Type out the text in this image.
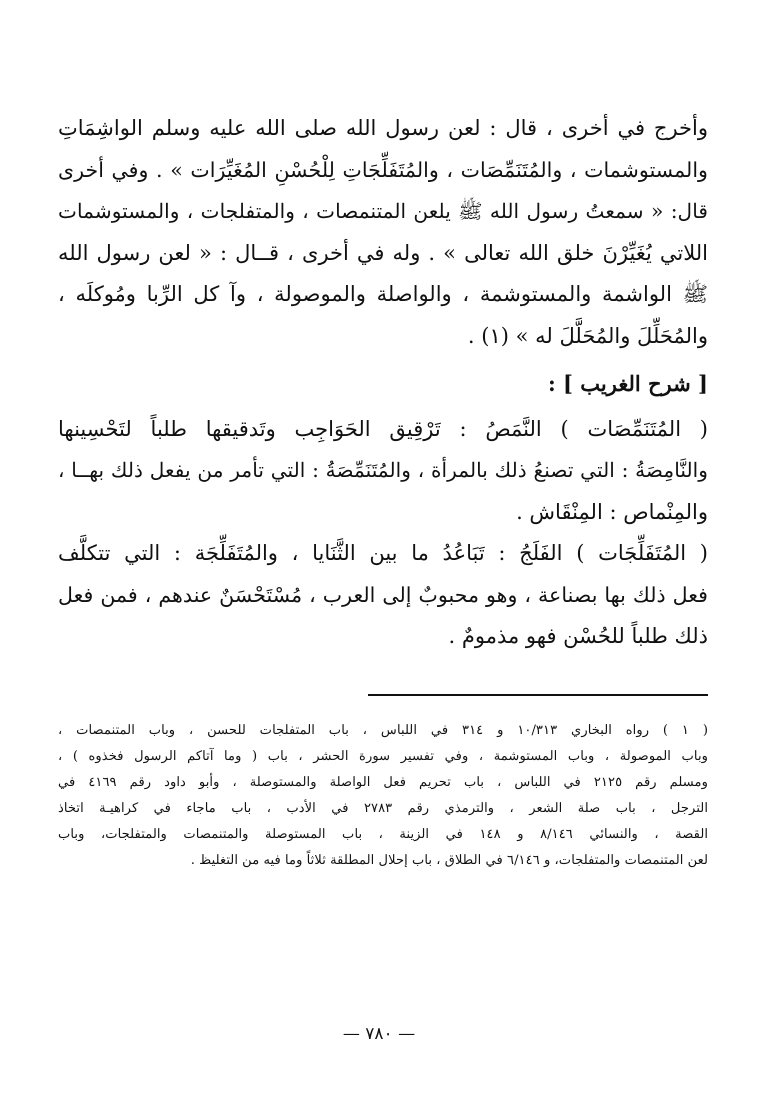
وأخرج في أخرى ، قال : لعن رسول الله صلى الله عليه وسلم الواشِمَاتِ
والمستوشمات ، والمُتَنَمِّصَات ، والمُتَفَلِّجَاتِ لِلْحُسْنِ المُغَيِّرَات » . وفي أخرى
قال: « سمعتُ رسول الله ﷺ يلعن المتنمصات ، والمتفلجات ، والمستوشمات
اللاتي يُغَيِّرْنَ خلق الله تعالى » . وله في أخرى ، قــال : « لعن رسول الله
ﷺ الواشمة والمستوشمة ، والواصلة والموصولة ، وآ كل الرِّبا ومُوكلَه ،
والمُحَلِّلَ والمُحَلَّلَ له » (١) .
[ شرح الغريب ] :
( المُتَنَمِّصَات ) النَّمَصُ : تَرْقِيق الحَوَاجِب وتَدقيقها طلباً لتَحْسِينها
والنَّامِصَةُ : التي تصنعُ ذلك بالمرأة ، والمُتَنَمِّصَةُ : التي تأمر من يفعل ذلك بهــا ،
والمِنْماص : المِنْقَاش .
( المُتَفَلِّجَات ) الفَلَجُ : تَبَاعُدُ ما بين الثَّنَايا ، والمُتَفَلِّجَة : التي تتكلَّف
فعل ذلك بها بصناعة ، وهو محبوبٌ إلى العرب ، مُسْتَحْسَنٌ عندهم ، فمن فعل
ذلك طلباً للحُسْن فهو مذمومٌ .
( ١ ) رواه البخاري ١٠/٣١٣ و ٣١٤ في اللباس ، باب المتفلجات للحسن ، وباب المتنمصات ،
وباب الموصولة ، وباب المستوشمة ، وفي تفسير سورة الحشر ، باب ( وما آتاكم الرسول فخذوه ) ،
ومسلم رقم ٢١٢٥ في اللباس ، باب تحريم فعل الواصلة والمستوصلة ، وأبو داود رقم ٤١٦٩ في
الترجل ، باب صلة الشعر ، والترمذي رقم ٢٧٨٣ في الأدب ، باب ماجاء في كراهيـة اتخاذ
القصة ، والنسائي ٨/١٤٦ و ١٤٨ في الزينة ، باب المستوصلة والمتنمصات والمتفلجات، وباب
لعن المتنمصات والمتفلجات، و ٦/١٤٦ في الطلاق ، باب إحلال المطلقة ثلاثاً وما فيه من التغليظ .
— ٧٨٠ —
